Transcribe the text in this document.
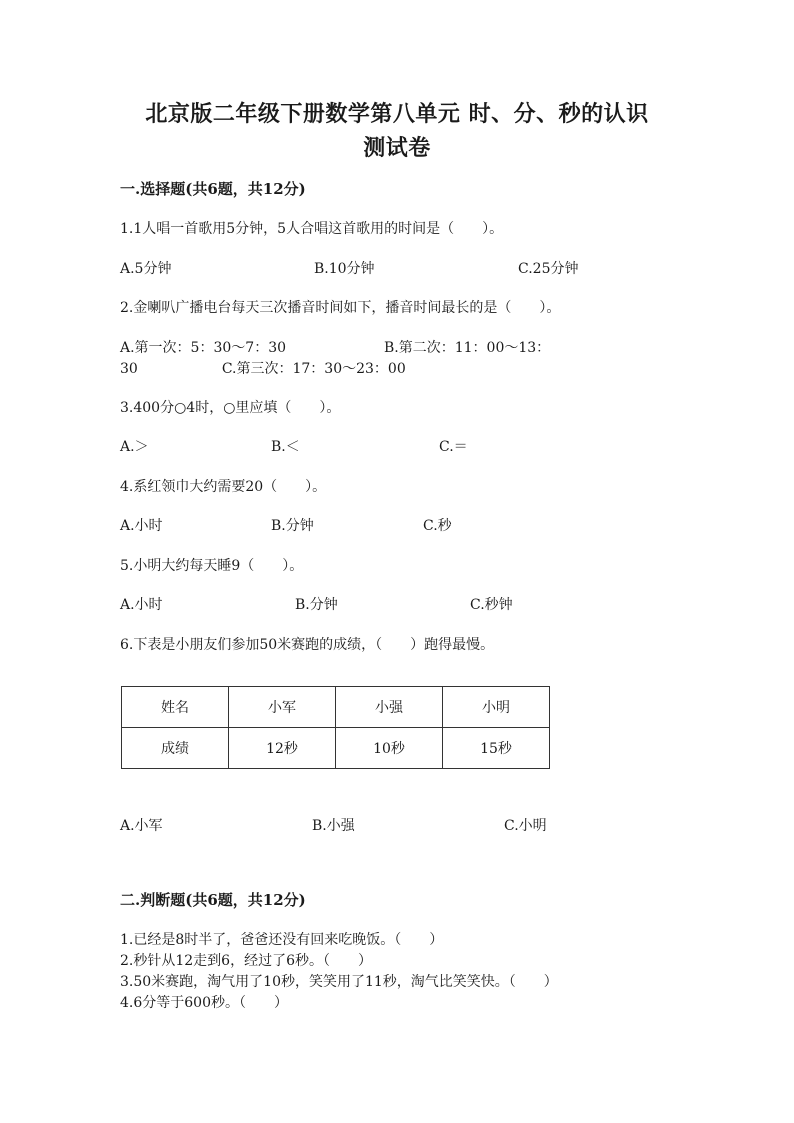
北京版二年级下册数学第八单元 时、分、秒的认识
测试卷
一.选择题(共6题，共12分)
1.1人唱一首歌用5分钟，5人合唱这首歌用的时间是（　　）。
A.5分钟	B.10分钟	C.25分钟
2.金喇叭广播电台每天三次播音时间如下，播音时间最长的是（　　）。
A.第一次：5：30～7：30　　　　　　　B.第二次：11：00～13：
30　　　　　　C.第三次：17：30～23：00
3.400分○4时，○里应填（　　）。
A.＞	B.＜	C.＝
4.系红领巾大约需要20（　　）。
A.小时	B.分钟	C.秒
5.小明大约每天睡9（　　）。
A.小时	B.分钟	C.秒钟
6.下表是小朋友们参加50米赛跑的成绩，（　　）跑得最慢。
姓名	小军	小强	小明
成绩	12秒	10秒	15秒
A.小军	B.小强	C.小明
二.判断题(共6题，共12分)
1.已经是8时半了，爸爸还没有回来吃晚饭。（　　）
2.秒针从12走到6，经过了6秒。（　　）
3.50米赛跑，淘气用了10秒，笑笑用了11秒，淘气比笑笑快。（　　）
4.6分等于600秒。（　　）
